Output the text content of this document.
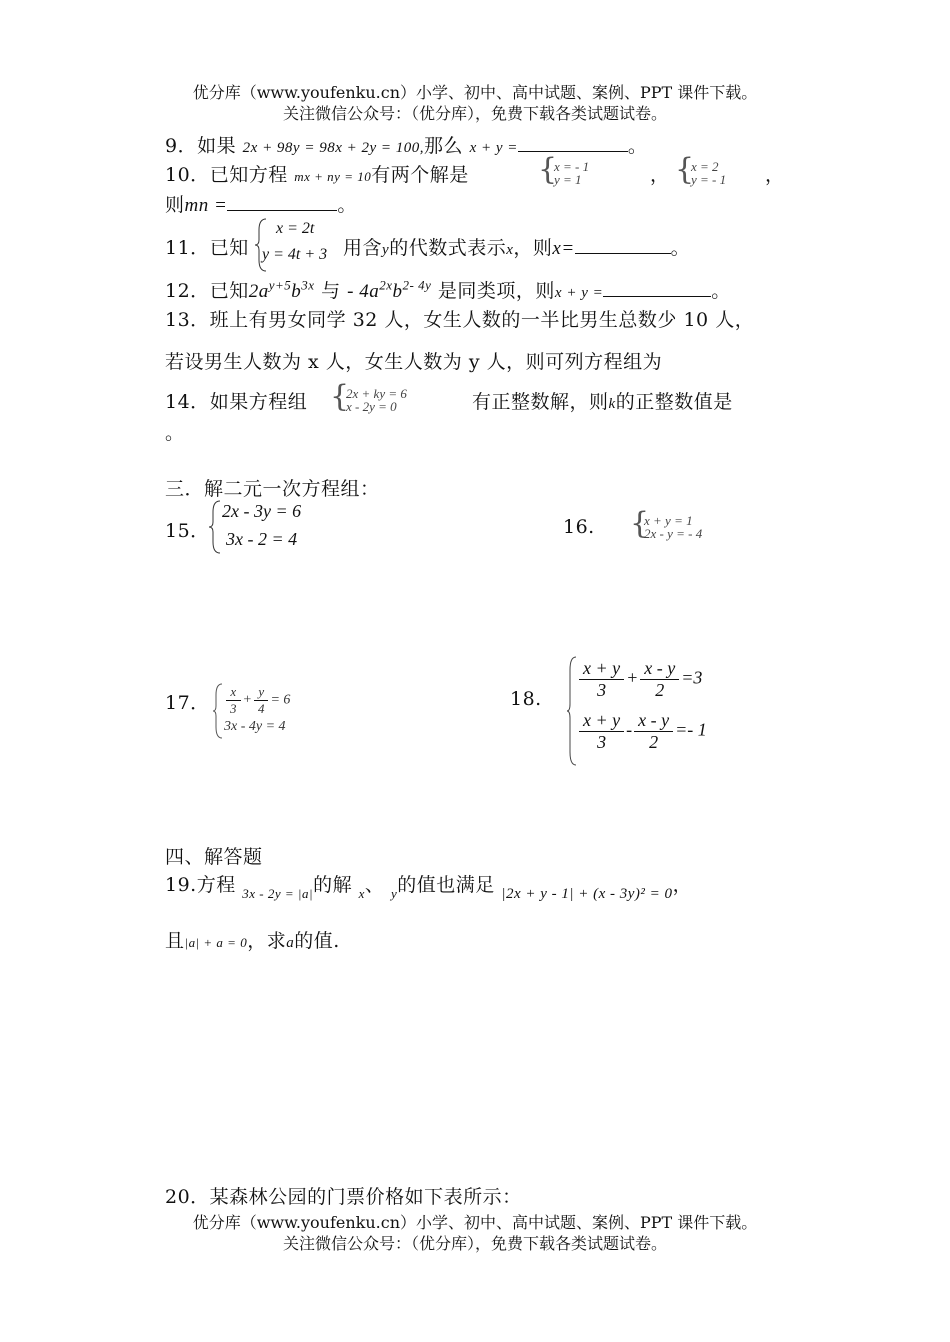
优分库（www.youfenku.cn）小学、初中、高中试题、案例、PPT 课件下载。
关注微信公众号：（优分库），免费下载各类试题试卷。
9．如果 2x + 98y = 98x + 2y = 100,那么 x + y =	。
10．已知方程 mx + ny = 10有两个解是 {
x = - 1
y = 1	， {
x = 2
y = - 1 ，
则mn =	。
11．已知
x = 2t
y = 4t + 3 用含y的代数式表示x，则x=	。
12．已知$2a^{y+5}b^{3x}$ 与 - $4a^{2x}b^{2- 4y}$ 是同类项，则x + y =	。
13．班上有男女同学 32 人，女生人数的一半比男生总数少 10 人，
若设男生人数为 x 人，女生人数为 y 人，则可列方程组为
14．如果方程组 {
2x + ky = 6
x - 2y = 0	有正整数解，则k的正整数值是
。
三．解二元一次方程组：
15．
2x - 3y = 6
3x - 2 = 4
16. {
x + y = 1
2x - y = - 4
17． $\frac{x}{3} + \frac{y}{4} = 6$
3x - 4y = 4
18. $\frac{x + y}{3} + \frac{x - y}{2} =3$
$\frac{x + y}{3} - \frac{x - y}{2} =- 1$
四、解答题
19.方程 $_{3x - 2y = |a|}$的解 $_x$、 $_y$的值也满足 $_{|2x + y - 1| + (x - 3y)^2 = 0}$，
且|a| + a = 0，求a的值.
20．某森林公园的门票价格如下表所示：
优分库（www.youfenku.cn）小学、初中、高中试题、案例、PPT 课件下载。
关注微信公众号：（优分库），免费下载各类试题试卷。
